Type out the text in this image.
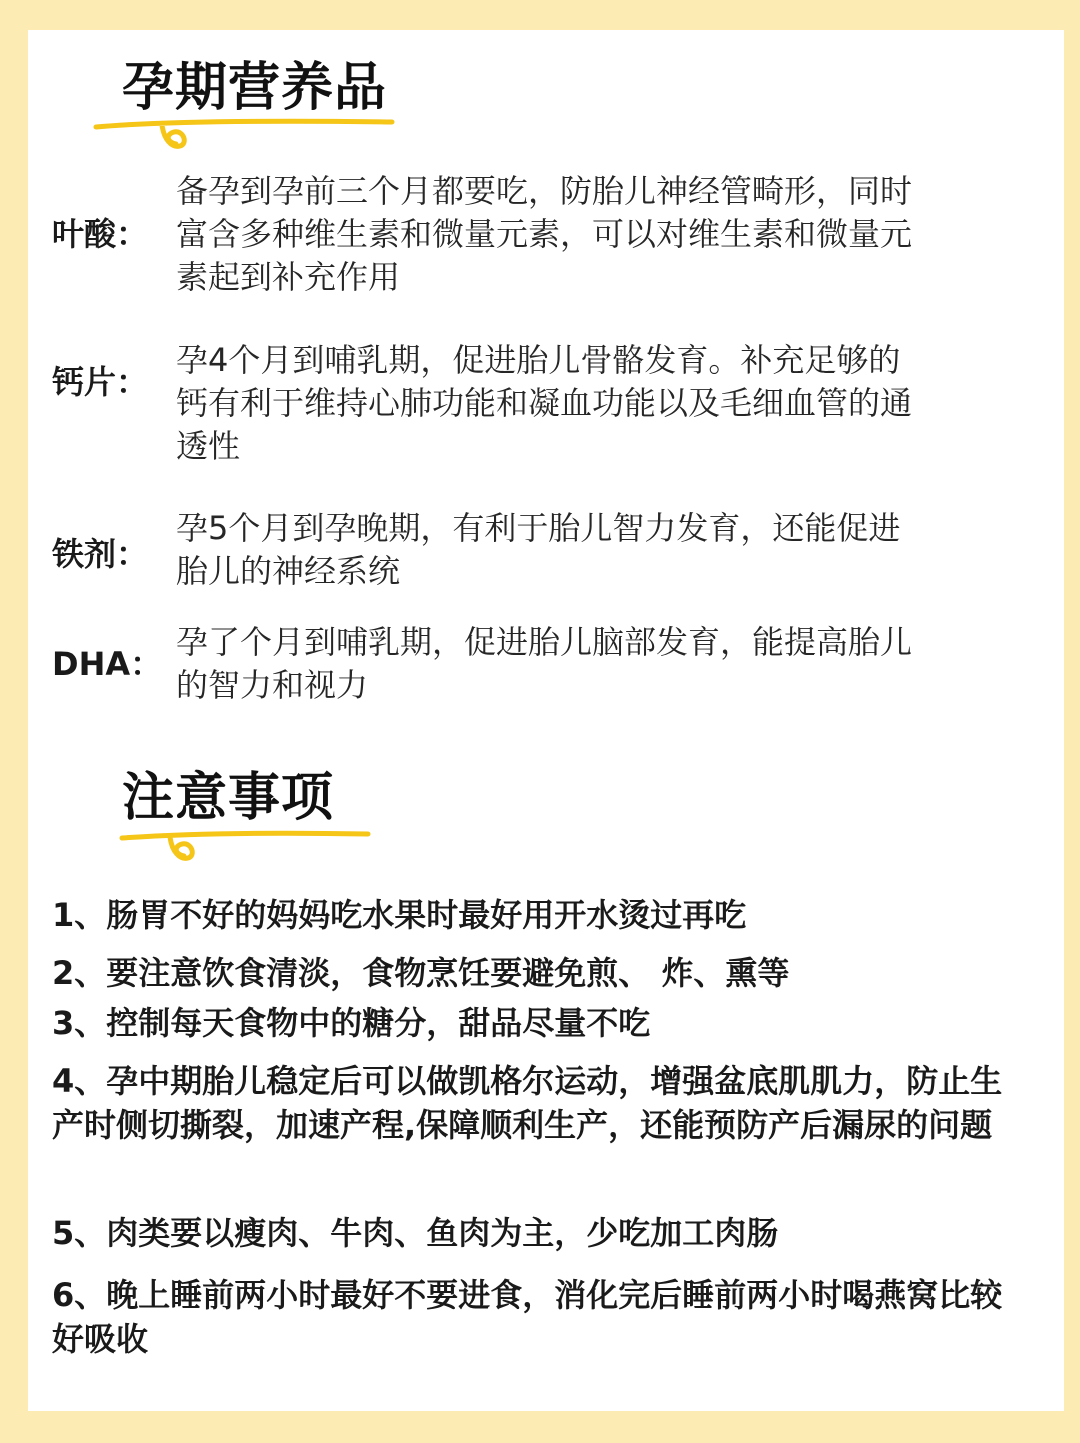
孕期营养品
叶酸：
备孕到孕前三个月都要吃，防胎儿神经管畸形，同时富含多种维生素和微量元素，可以对维生素和微量元素起到补充作用
钙片：
孕4个月到哺乳期，促进胎儿骨骼发育。补充足够的钙有利于维持心肺功能和凝血功能以及毛细血管的通透性
铁剂：
孕5个月到孕晚期，有利于胎儿智力发育，还能促进胎儿的神经系统
DHA：
孕了个月到哺乳期，促进胎儿脑部发育，能提高胎儿的智力和视力
注意事项
1、肠胃不好的妈妈吃水果时最好用开水烫过再吃
2、要注意饮食清淡，食物烹饪要避免煎、 炸、熏等
3、控制每天食物中的糖分，甜品尽量不吃
4、孕中期胎儿稳定后可以做凯格尔运动，增强盆底肌肌力，防止生产时侧切撕裂，加速产程,保障顺利生产，还能预防产后漏尿的问题
5、肉类要以瘦肉、牛肉、鱼肉为主，少吃加工肉肠
6、晚上睡前两小时最好不要进食，消化完后睡前两小时喝燕窝比较好吸收
